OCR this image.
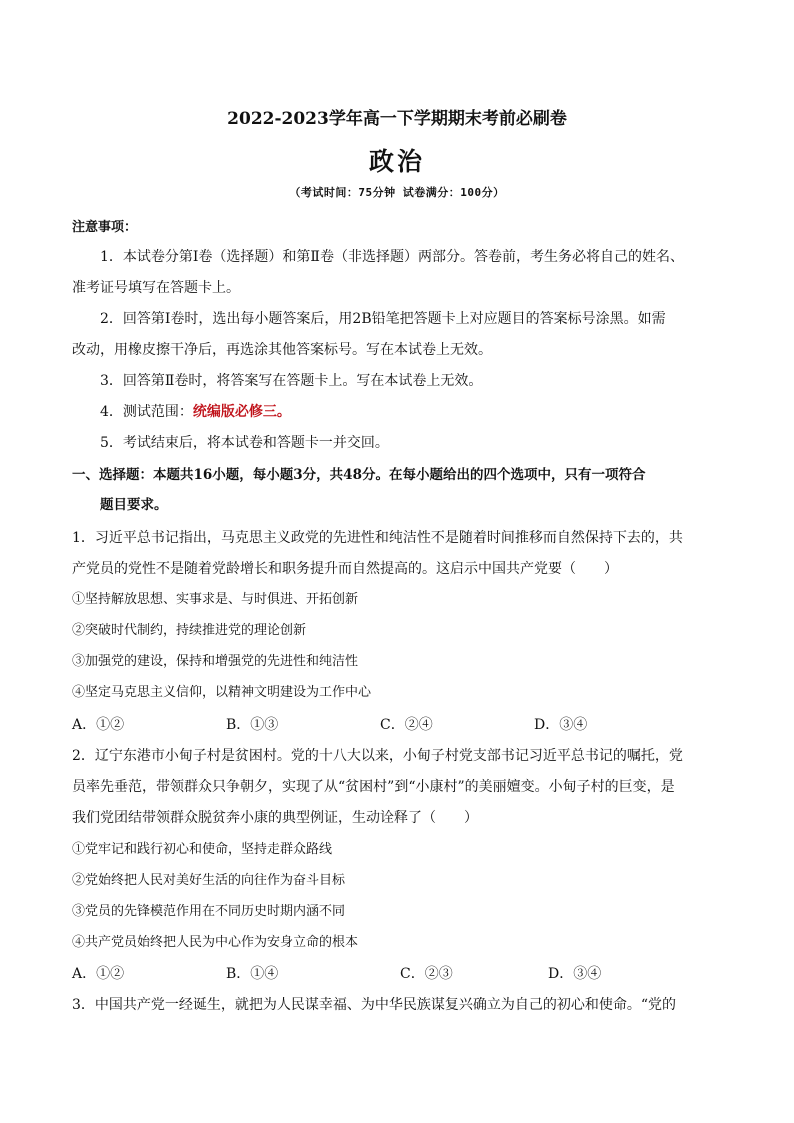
2022-2023学年高一下学期期末考前必刷卷
政治
（考试时间：75分钟 试卷满分：100分）
注意事项：
1．本试卷分第Ⅰ卷（选择题）和第Ⅱ卷（非选择题）两部分。答卷前，考生务必将自己的姓名、
准考证号填写在答题卡上。
2．回答第Ⅰ卷时，选出每小题答案后，用2B铅笔把答题卡上对应题目的答案标号涂黑。如需
改动，用橡皮擦干净后，再选涂其他答案标号。写在本试卷上无效。
3．回答第Ⅱ卷时，将答案写在答题卡上。写在本试卷上无效。
4．测试范围：统编版必修三。
5．考试结束后，将本试卷和答题卡一并交回。
一、选择题：本题共16小题，每小题3分，共48分。在每小题给出的四个选项中，只有一项符合
题目要求。
1．习近平总书记指出，马克思主义政党的先进性和纯洁性不是随着时间推移而自然保持下去的，共
产党员的党性不是随着党龄增长和职务提升而自然提高的。这启示中国共产党要（　　）
①坚持解放思想、实事求是、与时俱进、开拓创新
②突破时代制约，持续推进党的理论创新
③加强党的建设，保持和增强党的先进性和纯洁性
④坚定马克思主义信仰，以精神文明建设为工作中心
A．①②	B．①③	C．②④	D．③④
2．辽宁东港市小甸子村是贫困村。党的十八大以来，小甸子村党支部书记习近平总书记的嘱托，党
员率先垂范，带领群众只争朝夕，实现了从“贫困村”到“小康村”的美丽嬗变。小甸子村的巨变，是
我们党团结带领群众脱贫奔小康的典型例证，生动诠释了（　　）
①党牢记和践行初心和使命，坚持走群众路线
②党始终把人民对美好生活的向往作为奋斗目标
③党员的先锋模范作用在不同历史时期内涵不同
④共产党员始终把人民为中心作为安身立命的根本
A．①②	B．①④	C．②③	D．③④
3．中国共产党一经诞生，就把为人民谋幸福、为中华民族谋复兴确立为自己的初心和使命。“党的
